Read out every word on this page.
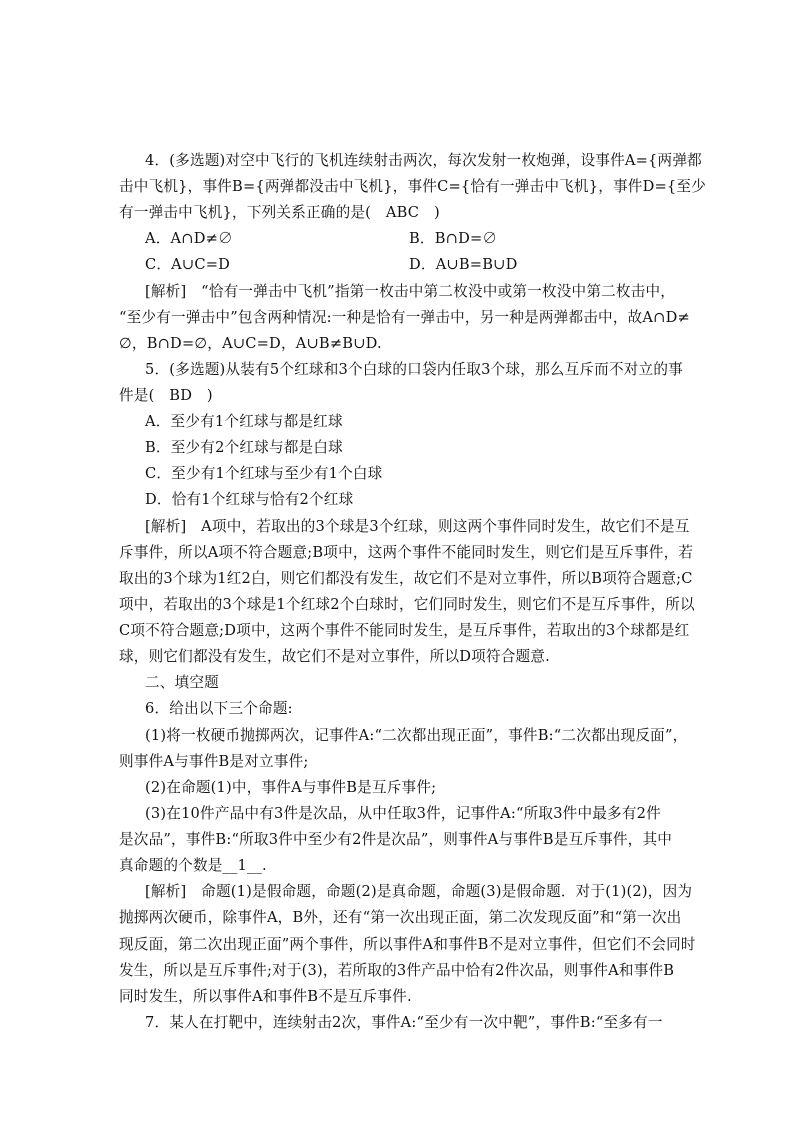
4．(多选题)对空中飞行的飞机连续射击两次，每次发射一枚炮弹，设事件A={两弹都
击中飞机}，事件B={两弹都没击中飞机}，事件C={恰有一弹击中飞机}，事件D={至少
有一弹击中飞机}，下列关系正确的是(　ABC　)
A．A∩D≠∅	B．B∩D=∅
C．A∪C=D	D．A∪B=B∪D
[解析]　“恰有一弹击中飞机”指第一枚击中第二枚没中或第一枚没中第二枚击中，
“至少有一弹击中”包含两种情况:一种是恰有一弹击中，另一种是两弹都击中，故A∩D≠
∅，B∩D=∅，A∪C=D，A∪B≠B∪D.
5．(多选题)从装有5个红球和3个白球的口袋内任取3个球，那么互斥而不对立的事
件是(　BD　)
A．至少有1个红球与都是红球
B．至少有2个红球与都是白球
C．至少有1个红球与至少有1个白球
D．恰有1个红球与恰有2个红球
[解析]　A项中，若取出的3个球是3个红球，则这两个事件同时发生，故它们不是互
斥事件，所以A项不符合题意;B项中，这两个事件不能同时发生，则它们是互斥事件，若
取出的3个球为1红2白，则它们都没有发生，故它们不是对立事件，所以B项符合题意;C
项中，若取出的3个球是1个红球2个白球时，它们同时发生，则它们不是互斥事件，所以
C项不符合题意;D项中，这两个事件不能同时发生，是互斥事件，若取出的3个球都是红
球，则它们都没有发生，故它们不是对立事件，所以D项符合题意.
二、填空题
6．给出以下三个命题:
(1)将一枚硬币抛掷两次，记事件A:“二次都出现正面”，事件B:“二次都出现反面”，
则事件A与事件B是对立事件;
(2)在命题(1)中，事件A与事件B是互斥事件;
(3)在10件产品中有3件是次品，从中任取3件，记事件A:“所取3件中最多有2件
是次品”，事件B:“所取3件中至少有2件是次品”，则事件A与事件B是互斥事件，其中
真命题的个数是__1__.
[解析]　命题(1)是假命题，命题(2)是真命题，命题(3)是假命题．对于(1)(2)，因为
抛掷两次硬币，除事件A，B外，还有“第一次出现正面，第二次发现反面”和“第一次出
现反面，第二次出现正面”两个事件，所以事件A和事件B不是对立事件，但它们不会同时
发生，所以是互斥事件;对于(3)，若所取的3件产品中恰有2件次品，则事件A和事件B
同时发生，所以事件A和事件B不是互斥事件.
7．某人在打靶中，连续射击2次，事件A:“至少有一次中靶”，事件B:“至多有一
